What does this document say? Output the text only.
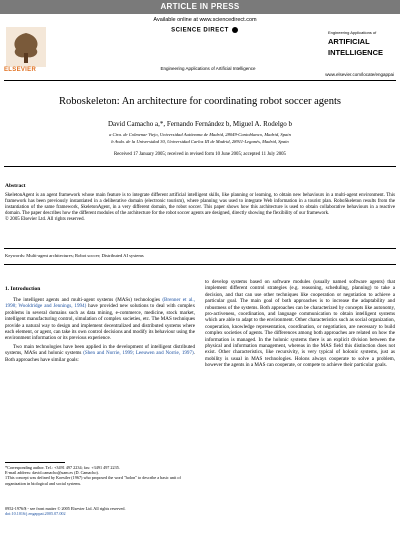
ARTICLE IN PRESS
ELSEVIER
Available online at www.sciencedirect.com
SCIENCE DIRECT
Engineering Applications of Artificial Intelligence
Engineering Applications of
ARTIFICIAL
INTELLIGENCE
www.elsevier.com/locate/engappai
Roboskeleton: An architecture for coordinating robot soccer agents
David Camacho a,*, Fernando Fernández b, Miguel A. Rodelgo b
a Ctra. de Colmenar Viejo, Universidad Autónoma de Madrid, 28049-Cantoblanco, Madrid, Spain
b Avda. de la Universidad 30, Universidad Carlos III de Madrid, 28911-Leganés, Madrid, Spain
Received 17 January 2005; received in revised form 10 June 2005; accepted 11 July 2005
Abstract
SkeletonAgent is an agent framework whose main feature is to integrate different artificial intelligent skills, like planning or learning, to obtain new behaviours in a multi-agent environment. This framework has been previously instantiated in a deliberative domain (electronic tourism), where planning was used to integrate Web information in a tourist plan. RoboSkeleton results from the instantiation of the same framework, SkeletonAgent, in a very different domain, the robot soccer. This paper shows how this architecture is used to obtain collaborative behaviours in a reactive domain. The paper describes how the different modules of the architecture for the robot soccer agents are designed, directly showing the flexibility of our framework.
© 2005 Elsevier Ltd. All rights reserved.
Keywords: Multi-agent architectures; Robot soccer; Distributed AI systems
1. Introduction

The intelligent agents and multi-agent systems (MASs) technologies (Brenner et al., 1998; Wooldridge and Jennings, 1994) have provided new solutions to deal with complex problems in several domains such as data mining, e-commerce, medicine, stock market, intelligent manufacturing control, simulation of complex societies, etc. The MAS techniques provide a natural way to design and implement decentralized and distributed systems where each element, or agent, can take its own control decisions and modify its behaviour using the environment information or its previous experience.

Two main technologies have been applied in the development of intelligent distributed systems, MASs and holonic systems (Shen and Norrie, 1999; Leeuwen and Norrie, 1997). Both approaches have similar goals:

to develop systems based on software modules (usually named software agents) that implement different control strategies (e.g. reasoning, scheduling, planning) to take a decision, and that can use other techniques like cooperation or negotiation to achieve a particular goal. The main goal of both approaches is to increase the adaptability and robustness of the systems. Both approaches can be characterized by concepts like autonomy, pro-activeness, coordination, and language communication to obtain intelligent systems which are able to adapt to the environment. Other characteristics such as social organization, cooperation, knowledge representation, coordination, or negotiation, are necessary to build complex societies of agents. The differences among both approaches are related on how the information is managed. In the holonic systems there is an explicit division between the physical and information management, whereas in the MAS field this distinction does not exist. Other characteristics, like recursivity, is very typical of holonic systems, just as mobility is usual in MAS technologies. Holons always cooperate to solve a problem, however the agents in a MAS can cooperate, or compete to achieve their particular goals.

*Corresponding author. Tel.: +3491 497 2234; fax: +3491 497 2235.
E-mail address: david.camacho@uam.es (D. Camacho).
1This concept was defined by Koestler (1967) who proposed the word "holon" to describe a basic unit of organization in biological and social systems.
0952-1976/$ - see front matter © 2005 Elsevier Ltd. All rights reserved.
doi:10.1016/j.engappai.2005.07.002
